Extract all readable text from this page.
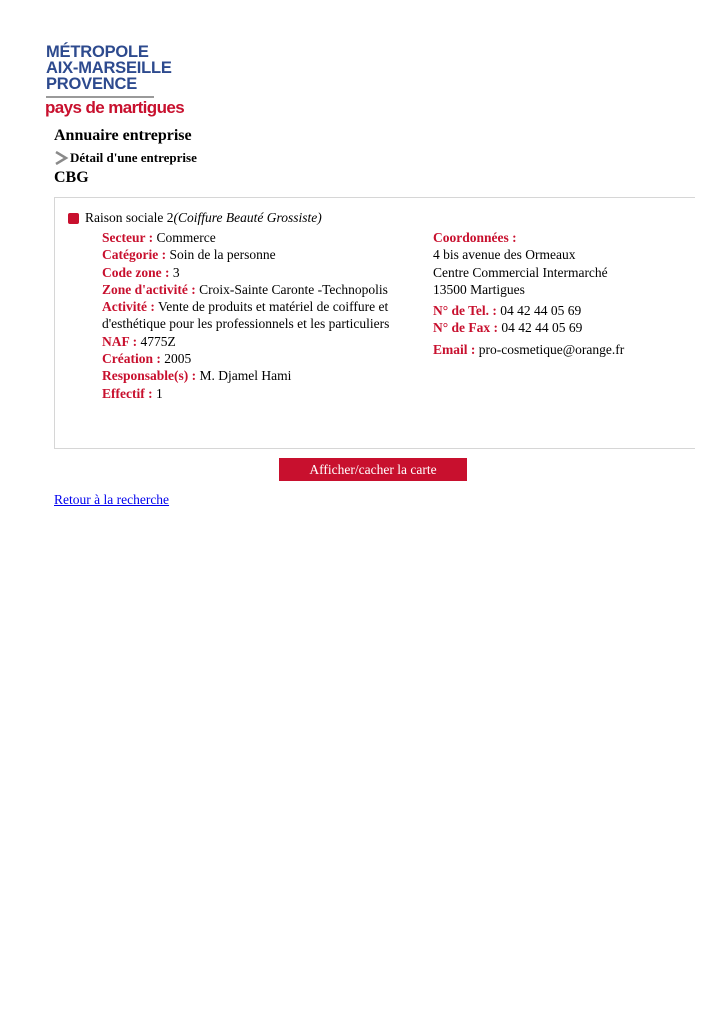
MÉTROPOLE
AIX-MARSEILLE
PROVENCE
pays de martigues
Annuaire entreprise
Détail d'une entreprise
CBG
Raison sociale 2 (Coiffure Beauté Grossiste)
Secteur : Commerce
Catégorie : Soin de la personne
Code zone : 3
Zone d'activité : Croix-Sainte Caronte -Technopolis
Activité : Vente de produits et matériel de coiffure et d'esthétique pour les professionnels et les particuliers
NAF : 4775Z
Création : 2005
Responsable(s) : M. Djamel Hami
Effectif : 1
Coordonnées :
4 bis avenue des Ormeaux
Centre Commercial Intermarché
13500 Martigues
N° de Tel. : 04 42 44 05 69
N° de Fax : 04 42 44 05 69
Email : pro-cosmetique@orange.fr
Afficher/cacher la carte
Retour à la recherche
